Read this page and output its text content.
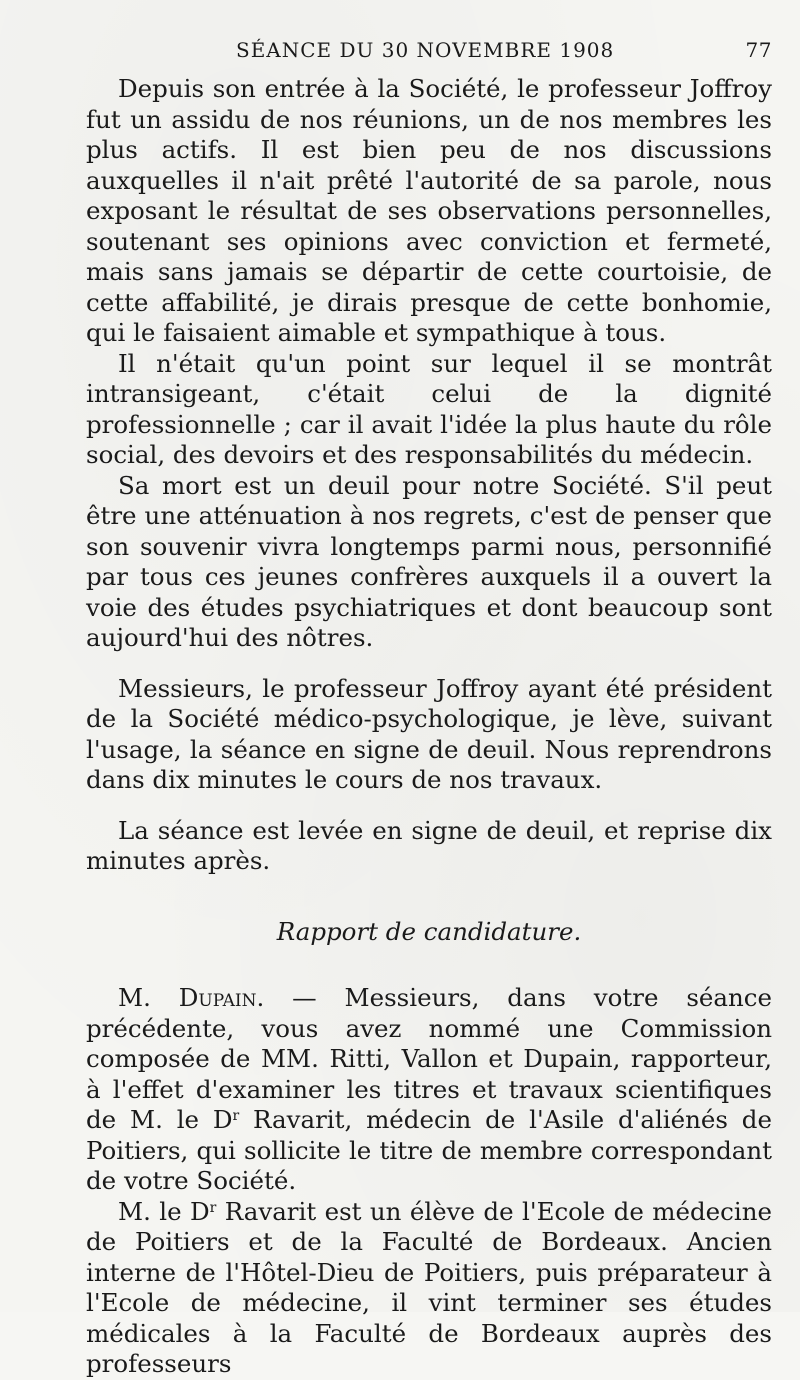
SÉANCE DU 30 NOVEMBRE 1908	77

Depuis son entrée à la Société, le professeur Joffroy fut un assidu de nos réunions, un de nos membres les plus actifs. Il est bien peu de nos discussions auxquelles il n'ait prêté l'autorité de sa parole, nous exposant le résultat de ses observations personnelles, soutenant ses opinions avec conviction et fermeté, mais sans jamais se départir de cette courtoisie, de cette affabilité, je dirais presque de cette bonhomie, qui le faisaient aimable et sympathique à tous.

Il n'était qu'un point sur lequel il se montrât intransigeant, c'était celui de la dignité professionnelle ; car il avait l'idée la plus haute du rôle social, des devoirs et des responsabilités du médecin.

Sa mort est un deuil pour notre Société. S'il peut être une atténuation à nos regrets, c'est de penser que son souvenir vivra longtemps parmi nous, personnifié par tous ces jeunes confrères auxquels il a ouvert la voie des études psychiatriques et dont beaucoup sont aujourd'hui des nôtres.

Messieurs, le professeur Joffroy ayant été président de la Société médico-psychologique, je lève, suivant l'usage, la séance en signe de deuil. Nous reprendrons dans dix minutes le cours de nos travaux.

La séance est levée en signe de deuil, et reprise dix minutes après.

Rapport de candidature.

M. Dupain. — Messieurs, dans votre séance précédente, vous avez nommé une Commission composée de MM. Ritti, Vallon et Dupain, rapporteur, à l'effet d'examiner les titres et travaux scientifiques de M. le $D^r$ Ravarit, médecin de l'Asile d'aliénés de Poitiers, qui sollicite le titre de membre correspondant de votre Société.

M. le $D^r$ Ravarit est un élève de l'Ecole de médecine de Poitiers et de la Faculté de Bordeaux. Ancien interne de l'Hôtel-Dieu de Poitiers, puis préparateur à l'Ecole de médecine, il vint terminer ses études médicales à la Faculté de Bordeaux auprès des professeurs
